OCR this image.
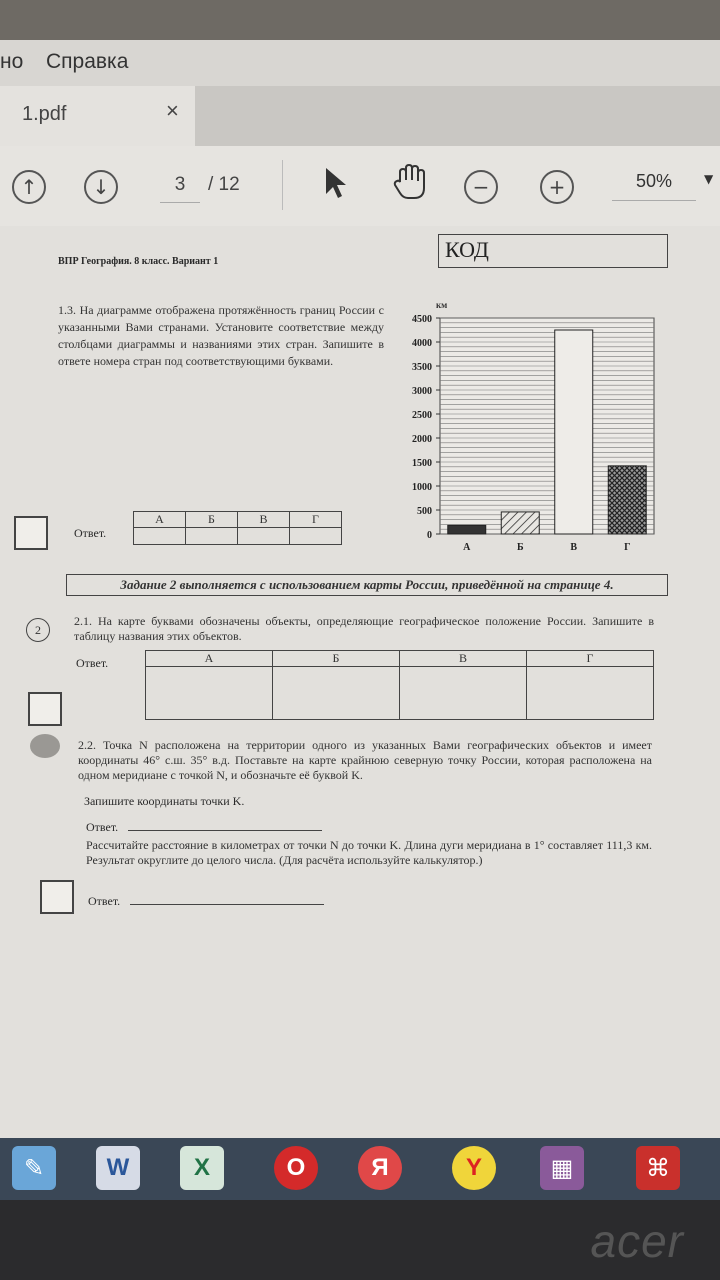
но Справка
1.pdf	×
↑	↓	3	/ 12	−	+	50%	▼
ВПР География. 8 класс. Вариант 1	КОД
1.3. На диаграмме отображена протяжённость границ России с указанными Вами странами. Установите соответствие между столбцами диаграммы и названиями этих стран. Запишите в ответе номера стран под соответствующими буквами.
км
0
500
1000
1500
2000
2500
3000
3500
4000
4500
А	Б	В	Г
Ответ.
А	Б	В	Г

Задание 2 выполняется с использованием карты России, приведённой на странице 4.
2
2.1. На карте буквами обозначены объекты, определяющие географическое положение России. Запишите в таблицу названия этих объектов.
Ответ.	А	Б	В	Г

2.2. Точка N расположена на территории одного из указанных Вами географических объектов и имеет координаты 46° с.ш. 35° в.д. Поставьте на карте крайнюю северную точку России, которая расположена на одном меридиане с точкой N, и обозначьте её буквой K.
Запишите координаты точки K.
Ответ.
Рассчитайте расстояние в километрах от точки N до точки K. Длина дуги меридиана в 1° составляет 111,3 км. Результат округлите до целого числа. (Для расчёта используйте калькулятор.)
Ответ.
✎	W	X	O	Я	Y	▦	⌘
acer
